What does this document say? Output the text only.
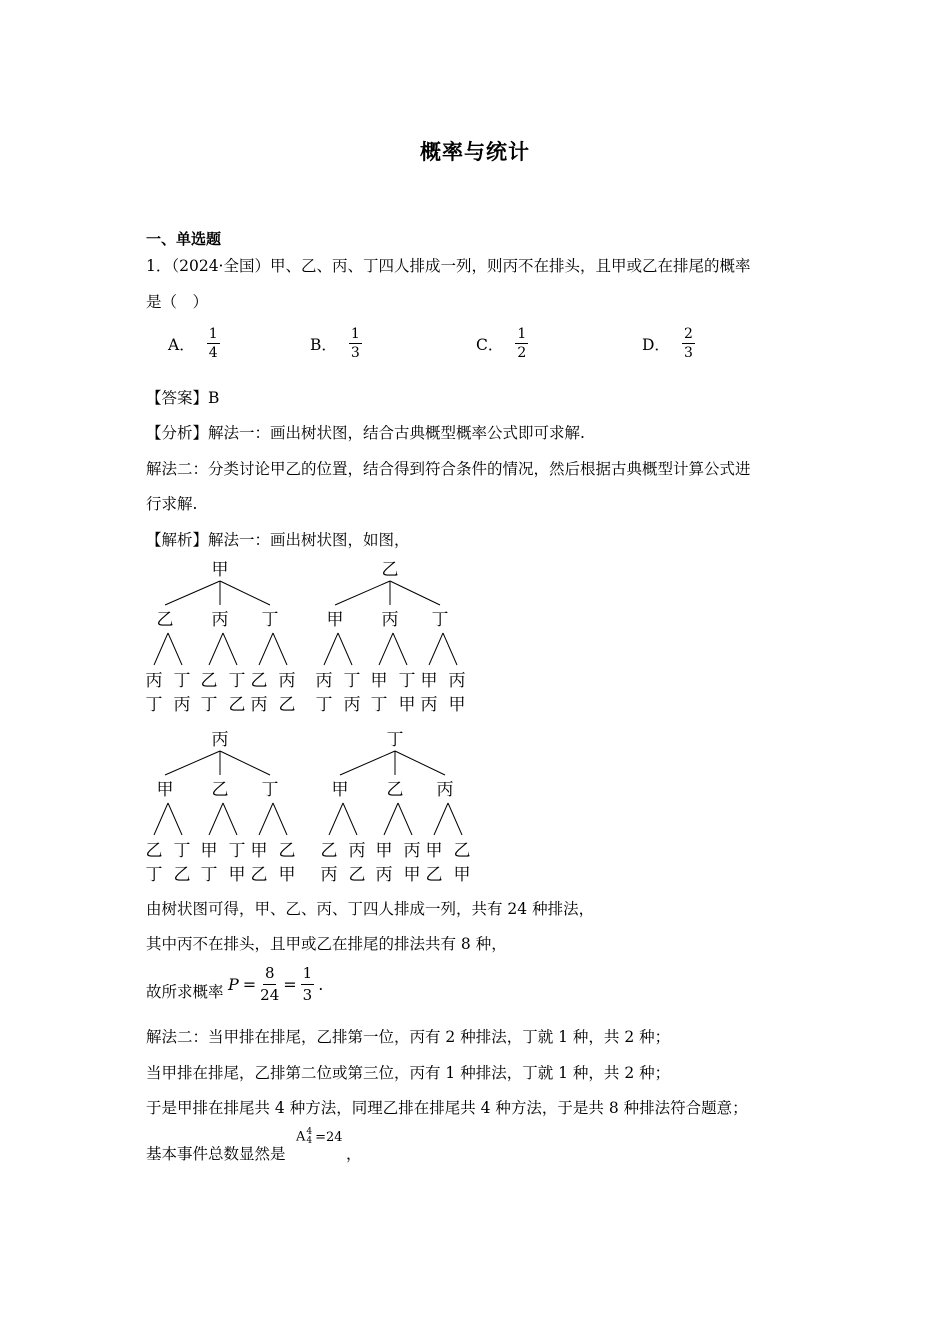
概率与统计
一、单选题
1．（2024·全国）甲、乙、丙、丁四人排成一列，则丙不在排头，且甲或乙在排尾的概率
是（　）
A． $\frac{1}{4}$	B． $\frac{1}{3}$	C． $\frac{1}{2}$	D． $\frac{2}{3}$
【答案】B
【分析】解法一：画出树状图，结合古典概型概率公式即可求解.
解法二：分类讨论甲乙的位置，结合得到符合条件的情况，然后根据古典概型计算公式进
行求解.
【解析】解法一：画出树状图，如图，
甲
乙
丙
丁
丁
丙
丙
乙
丁
丁
乙
丁
乙
丙
丙
乙
乙
甲
丙
丁
丁
丙
丙
甲
丁
丁
甲
丁
甲
丙
丙
甲
丙
甲
乙
丁
丁
乙
乙
甲
丁
丁
甲
丁
甲
乙
乙
甲
丁
甲
乙
丙
丙
乙
乙
甲
丙
丙
甲
丙
甲
乙
乙
甲
由树状图可得，甲、乙、丙、丁四人排成一列，共有 24 种排法，
其中丙不在排头，且甲或乙在排尾的排法共有 8 种，
故所求概率 $P = \frac{8}{24} = \frac{1}{3}$ .
解法二：当甲排在排尾，乙排第一位，丙有 2 种排法，丁就 1 种，共 2 种；
当甲排在排尾，乙排第二位或第三位，丙有 1 种排法，丁就 1 种，共 2 种；
于是甲排在排尾共 4 种方法，同理乙排在排尾共 4 种方法，于是共 8 种排法符合题意；
基本事件总数显然是
A 4
4 =24
，
